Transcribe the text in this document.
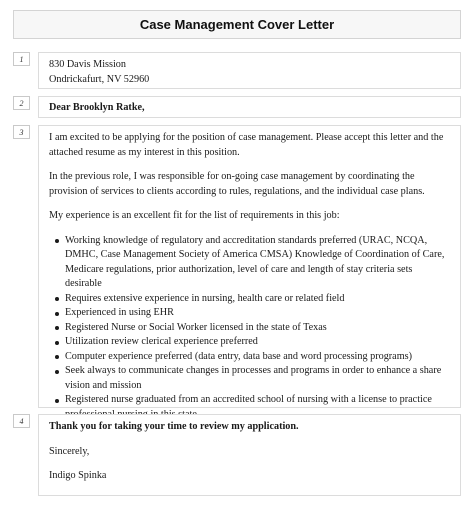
Case Management Cover Letter
1	830 Davis Mission

Ondrickafurt, NV 52960

2	Dear Brooklyn Ratke,

3	I am excited to be applying for the position of case management. Please accept this letter and the attached resume as my interest in this position.

In the previous role, I was responsible for on-going case management by coordinating the provision of services to clients according to rules, regulations, and the individual case plans.

My experience is an excellent fit for the list of requirements in this job:

Working knowledge of regulatory and accreditation standards preferred (URAC, NCQA, DMHC, Case Management Society of America CMSA) Knowledge of Coordination of Care, Medicare regulations, prior authorization, level of care and length of stay criteria sets desirable
Requires extensive experience in nursing, health care or related field
Experienced in using EHR
Registered Nurse or Social Worker licensed in the state of Texas
Utilization review clerical experience preferred
Computer experience preferred (data entry, data base and word processing programs)
Seek always to communicate changes in processes and programs in order to enhance a share vision and mission
Registered nurse graduated from an accredited school of nursing with a license to practice
4	Thank you for taking your time to review my application.

Sincerely,

Indigo Spinka
